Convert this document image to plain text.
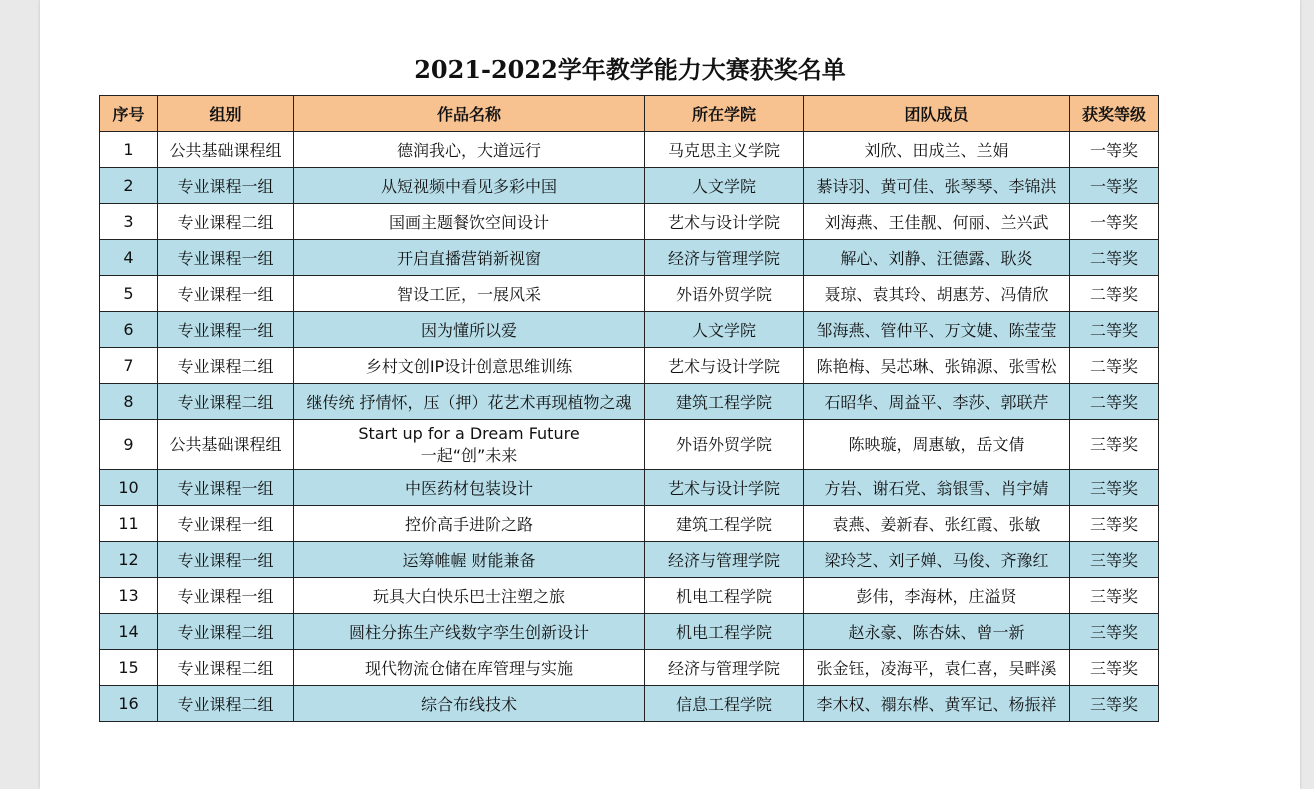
2021-2022学年教学能力大赛获奖名单
序号	组别	作品名称	所在学院	团队成员	获奖等级
1	公共基础课程组	德润我心，大道远行	马克思主义学院	刘欣、田成兰、兰娟	一等奖
2	专业课程一组	从短视频中看见多彩中国	人文学院	綦诗羽、黄可佳、张琴琴、李锦洪	一等奖
3	专业课程二组	国画主题餐饮空间设计	艺术与设计学院	刘海燕、王佳靓、何丽、兰兴武	一等奖
4	专业课程一组	开启直播营销新视窗	经济与管理学院	解心、刘静、汪德露、耿炎	二等奖
5	专业课程一组	智设工匠，一展风采	外语外贸学院	聂琼、袁其玲、胡惠芳、冯倩欣	二等奖
6	专业课程一组	因为懂所以爱	人文学院	邹海燕、管仲平、万文婕、陈莹莹	二等奖
7	专业课程二组	乡村文创IP设计创意思维训练	艺术与设计学院	陈艳梅、吴芯琳、张锦源、张雪松	二等奖
8	专业课程二组	继传统 抒情怀，压（押）花艺术再现植物之魂	建筑工程学院	石昭华、周益平、李莎、郭联芹	二等奖
9	公共基础课程组	Start up for a Dream Future
一起“创”未来	外语外贸学院	陈映璇，周惠敏，岳文倩	三等奖
10	专业课程一组	中医药材包装设计	艺术与设计学院	方岩、谢石党、翁银雪、肖宇婧	三等奖
11	专业课程一组	控价高手进阶之路	建筑工程学院	袁燕、姜新春、张红霞、张敏	三等奖
12	专业课程一组	运筹帷幄 财能兼备	经济与管理学院	梁玲芝、刘子婵、马俊、齐豫红	三等奖
13	专业课程一组	玩具大白快乐巴士注塑之旅	机电工程学院	彭伟，李海林，庄溢贤	三等奖
14	专业课程二组	圆柱分拣生产线数字孪生创新设计	机电工程学院	赵永豪、陈杏妹、曾一新	三等奖
15	专业课程二组	现代物流仓储在库管理与实施	经济与管理学院	张金钰，凌海平，袁仁喜，吴畔溪	三等奖
16	专业课程二组	综合布线技术	信息工程学院	李木权、禤东桦、黄军记、杨振祥	三等奖
